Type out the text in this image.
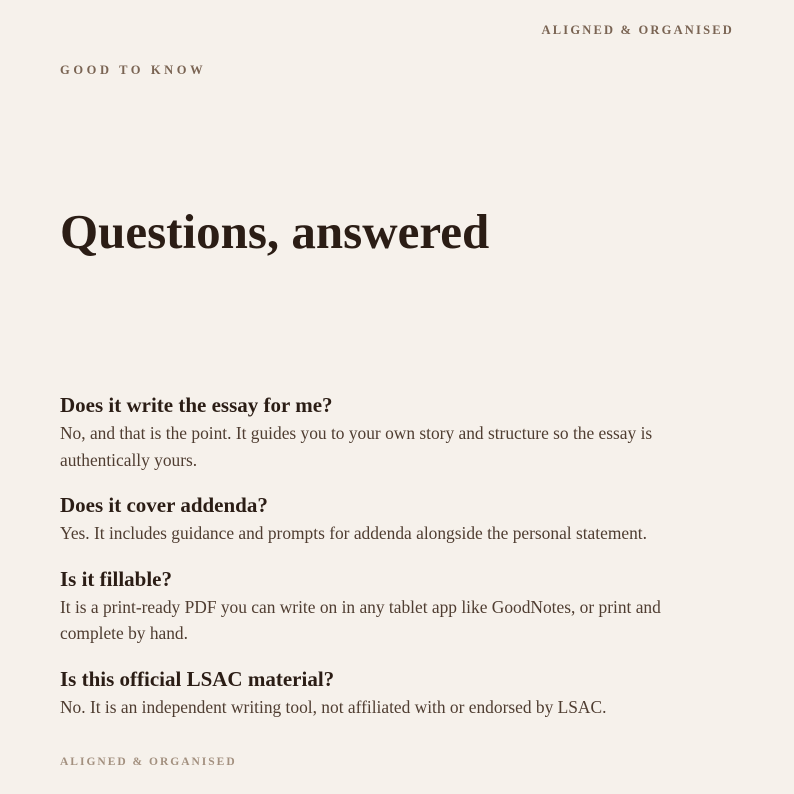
ALIGNED & ORGANISED
GOOD TO KNOW
Questions, answered
Does it write the essay for me?

No, and that is the point. It guides you to your own story and structure so the essay is authentically yours.

Does it cover addenda?

Yes. It includes guidance and prompts for addenda alongside the personal statement.

Is it fillable?

It is a print-ready PDF you can write on in any tablet app like GoodNotes, or print and complete by hand.

Is this official LSAC material?

No. It is an independent writing tool, not affiliated with or endorsed by LSAC.

ALIGNED & ORGANISED
